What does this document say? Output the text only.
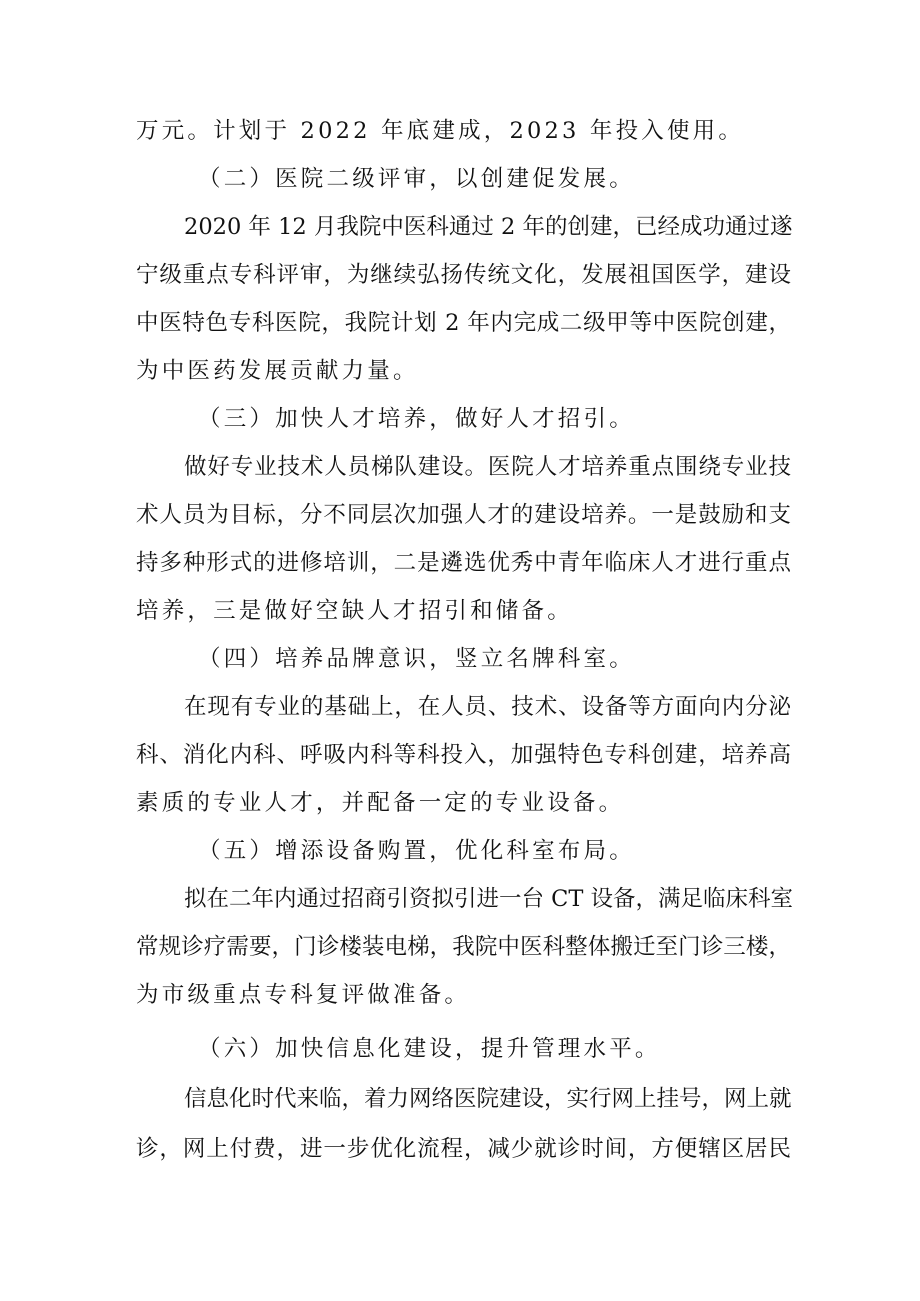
万元。计划于 2022 年底建成，2023 年投入使用。
（二）医院二级评审，以创建促发展。
2020 年 12 月我院中医科通过 2 年的创建，已经成功通过遂
宁级重点专科评审，为继续弘扬传统文化，发展祖国医学，建设
中医特色专科医院，我院计划 2 年内完成二级甲等中医院创建，
为中医药发展贡献力量。
（三）加快人才培养，做好人才招引。
做好专业技术人员梯队建设。医院人才培养重点围绕专业技
术人员为目标，分不同层次加强人才的建设培养。一是鼓励和支
持多种形式的进修培训，二是遴选优秀中青年临床人才进行重点
培养，三是做好空缺人才招引和储备。
（四）培养品牌意识，竖立名牌科室。
在现有专业的基础上，在人员、技术、设备等方面向内分泌
科、消化内科、呼吸内科等科投入，加强特色专科创建，培养高
素质的专业人才，并配备一定的专业设备。
（五）增添设备购置，优化科室布局。
拟在二年内通过招商引资拟引进一台 CT 设备，满足临床科室
常规诊疗需要，门诊楼装电梯，我院中医科整体搬迁至门诊三楼，
为市级重点专科复评做准备。
（六）加快信息化建设，提升管理水平。
信息化时代来临，着力网络医院建设，实行网上挂号，网上就
诊，网上付费，进一步优化流程，减少就诊时间，方便辖区居民
